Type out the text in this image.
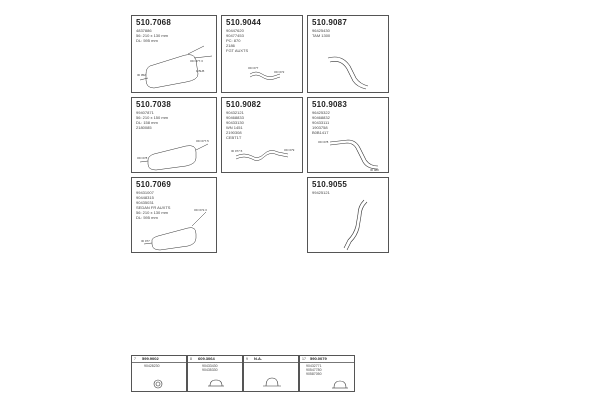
510.7068
4837886
56: 210 x 130 mm
DL: 595 mm
OD 077.3
ID 052
1 BH5
510.9044
90447620
90477453
PC: 870
2186
FGT AUXTS
OD 077
OD 072
510.9087
96425430
TAM 1300
510.7038
99407871
56: 210 x 150 mm
DL: 158 mm
2180085
OD 078
OD 077.5
510.9082
90432121
90468833
90433130
WN 1451
2190308
CEBT1T
ID 077.5	OD 079
510.9083
96425322
90468832
90433111
1903758
B0B1417
OD 078
ID 080
510.7069
99431007
90448315
90435031
SEDAN FR AUXTS
56: 210 x 130 mm
DL: 595 mm
OD 072.3
ID 077
510.9055
99425121
7 599.9002
90428230
8 609.3064
90433430
90435330
9 N.A.	17 590.0079
90432771
90547780
90587050
